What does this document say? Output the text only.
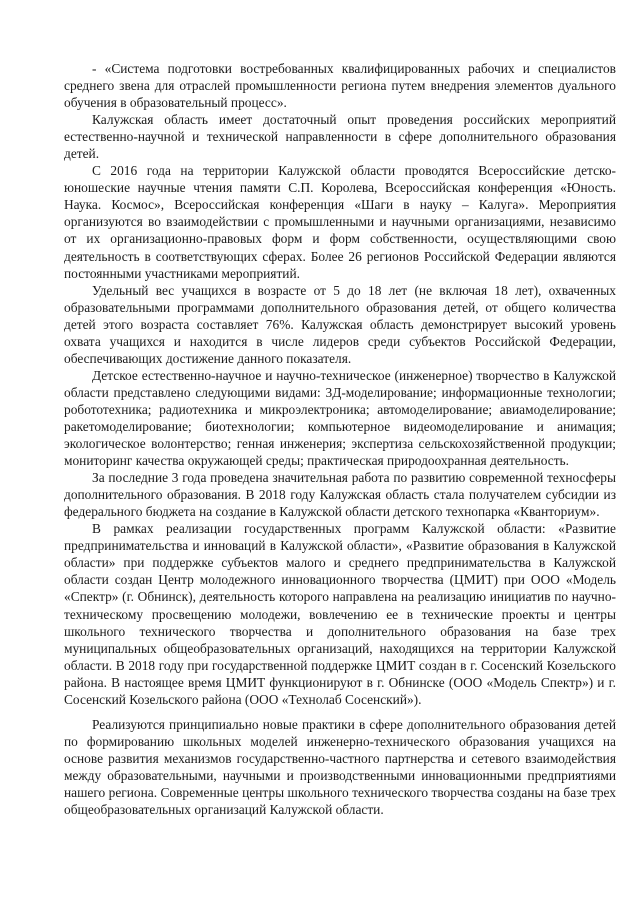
- «Система подготовки востребованных квалифицированных рабочих и специалистов среднего звена для отраслей промышленности региона путем внедрения элементов дуального обучения в образовательный процесс».

Калужская область имеет достаточный опыт проведения российских мероприятий естественно-научной и технической направленности в сфере дополнительного образования детей.

С 2016 года на территории Калужской области проводятся Всероссийские детско-юношеские научные чтения памяти С.П. Королева, Всероссийская конференция «Юность. Наука. Космос», Всероссийская конференция «Шаги в науку – Калуга». Мероприятия организуются во взаимодействии с промышленными и научными организациями, независимо от их организационно-правовых форм и форм собственности, осуществляющими свою деятельность в соответствующих сферах. Более 26 регионов Российской Федерации являются постоянными участниками мероприятий.

Удельный вес учащихся в возрасте от 5 до 18 лет (не включая 18 лет), охваченных образовательными программами дополнительного образования детей, от общего количества детей этого возраста составляет 76%. Калужская область демонстрирует высокий уровень охвата учащихся и находится в числе лидеров среди субъектов Российской Федерации, обеспечивающих достижение данного показателя.

Детское естественно-научное и научно-техническое (инженерное) творчество в Калужской области представлено следующими видами: 3Д-моделирование; информационные технологии; робототехника; радиотехника и микроэлектроника; автомоделирование; авиамоделирование; ракетомоделирование; биотехнологии; компьютерное видеомоделирование и анимация; экологическое волонтерство; генная инженерия; экспертиза сельскохозяйственной продукции; мониторинг качества окружающей среды; практическая природоохранная деятельность.

За последние 3 года проведена значительная работа по развитию современной техносферы дополнительного образования. В 2018 году Калужская область стала получателем субсидии из федерального бюджета на создание в Калужской области детского технопарка «Кванториум».

В рамках реализации государственных программ Калужской области: «Развитие предпринимательства и инноваций в Калужской области», «Развитие образования в Калужской области» при поддержке субъектов малого и среднего предпринимательства в Калужской области создан Центр молодежного инновационного творчества (ЦМИТ) при ООО «Модель «Спектр» (г. Обнинск), деятельность которого направлена на реализацию инициатив по научно-техническому просвещению молодежи, вовлечению ее в технические проекты и центры школьного технического творчества и дополнительного образования на базе трех муниципальных общеобразовательных организаций, находящихся на территории Калужской области. В 2018 году при государственной поддержке ЦМИТ создан в г. Сосенский Козельского района. В настоящее время ЦМИТ функционируют в г. Обнинске (ООО «Модель Спектр») и г. Сосенский Козельского района (ООО «Технолаб Сосенский»).

Реализуются принципиально новые практики в сфере дополнительного образования детей по формированию школьных моделей инженерно-технического образования учащихся на основе развития механизмов государственно-частного партнерства и сетевого взаимодействия между образовательными, научными и производственными инновационными предприятиями нашего региона. Современные центры школьного технического творчества созданы на базе трех общеобразовательных организаций Калужской области.
